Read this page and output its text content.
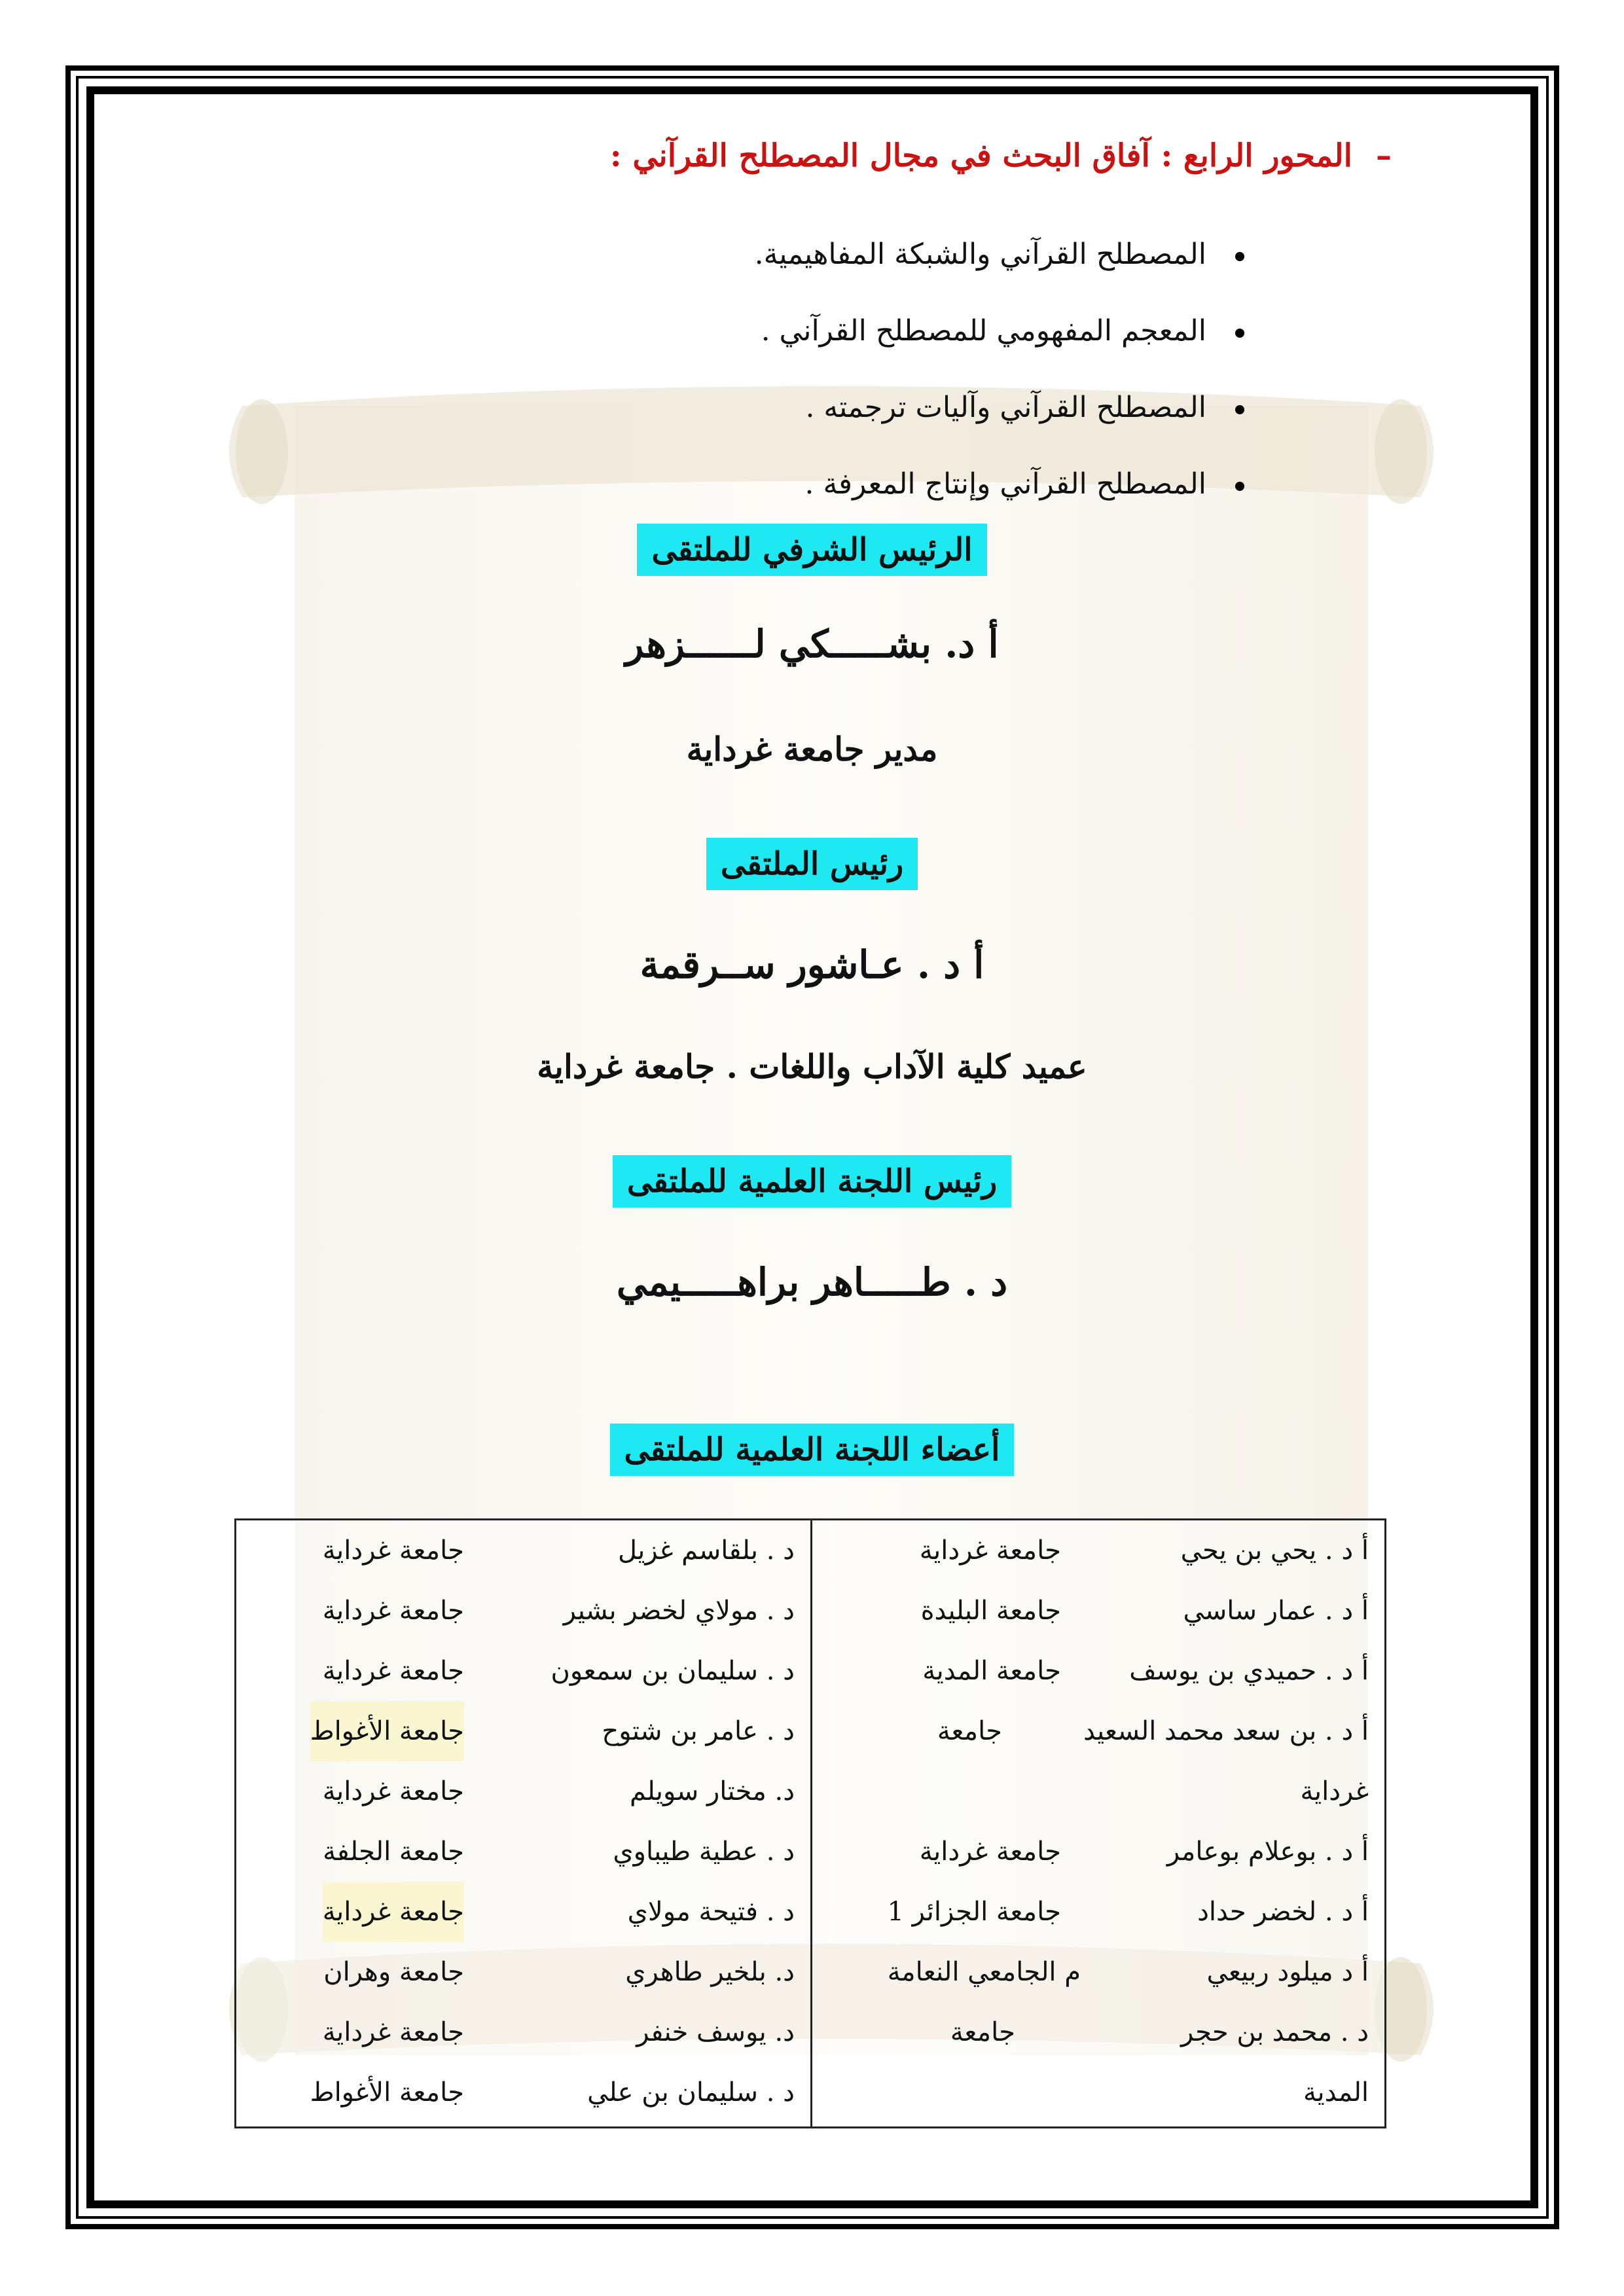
–المحور الرابع : آفاق البحث في مجال المصطلح القرآني :

المصطلح القرآني والشبكة المفاهيمية.
المعجم المفهومي للمصطلح القرآني .
المصطلح القرآني وآليات ترجمته .
المصطلح القرآني وإنتاج المعرفة .
الرئيس الشرفي للملتقى
أ د. بشـــــكي لــــــزهر
مدير جامعة غرداية
رئيس الملتقى
أ د . عـاشور ســرقمة
عميد كلية الآداب واللغات . جامعة غرداية
رئيس اللجنة العلمية للملتقى
د . طـــــاهر براهـــــيمي
أعضاء اللجنة العلمية للملتقى
أ د . يحي بن يحي
جامعة غرداية
أ د . عمار ساسي
جامعة البليدة
أ د . حميدي بن يوسف
جامعة المدية
أ د . بن سعد محمد السعيد
جامعة
غرداية
أ د . بوعلام بوعامر
جامعة غرداية
أ د . لخضر حداد
جامعة الجزائر 1
أ د ميلود ربيعي
م الجامعي النعامة
د . محمد بن حجر
جامعة
المدية
د . بلقاسم غزيل
جامعة غرداية
د . مولاي لخضر بشير
جامعة غرداية
د . سليمان بن سمعون
جامعة غرداية
د . عامر بن شتوح
جامعة الأغواط
د. مختار سويلم
جامعة غرداية
د . عطية طيباوي
جامعة الجلفة
د . فتيحة مولاي
جامعة غرداية
د. بلخير طاهري
جامعة وهران
د. يوسف خنفر
جامعة غرداية
د . سليمان بن علي
جامعة الأغواط
